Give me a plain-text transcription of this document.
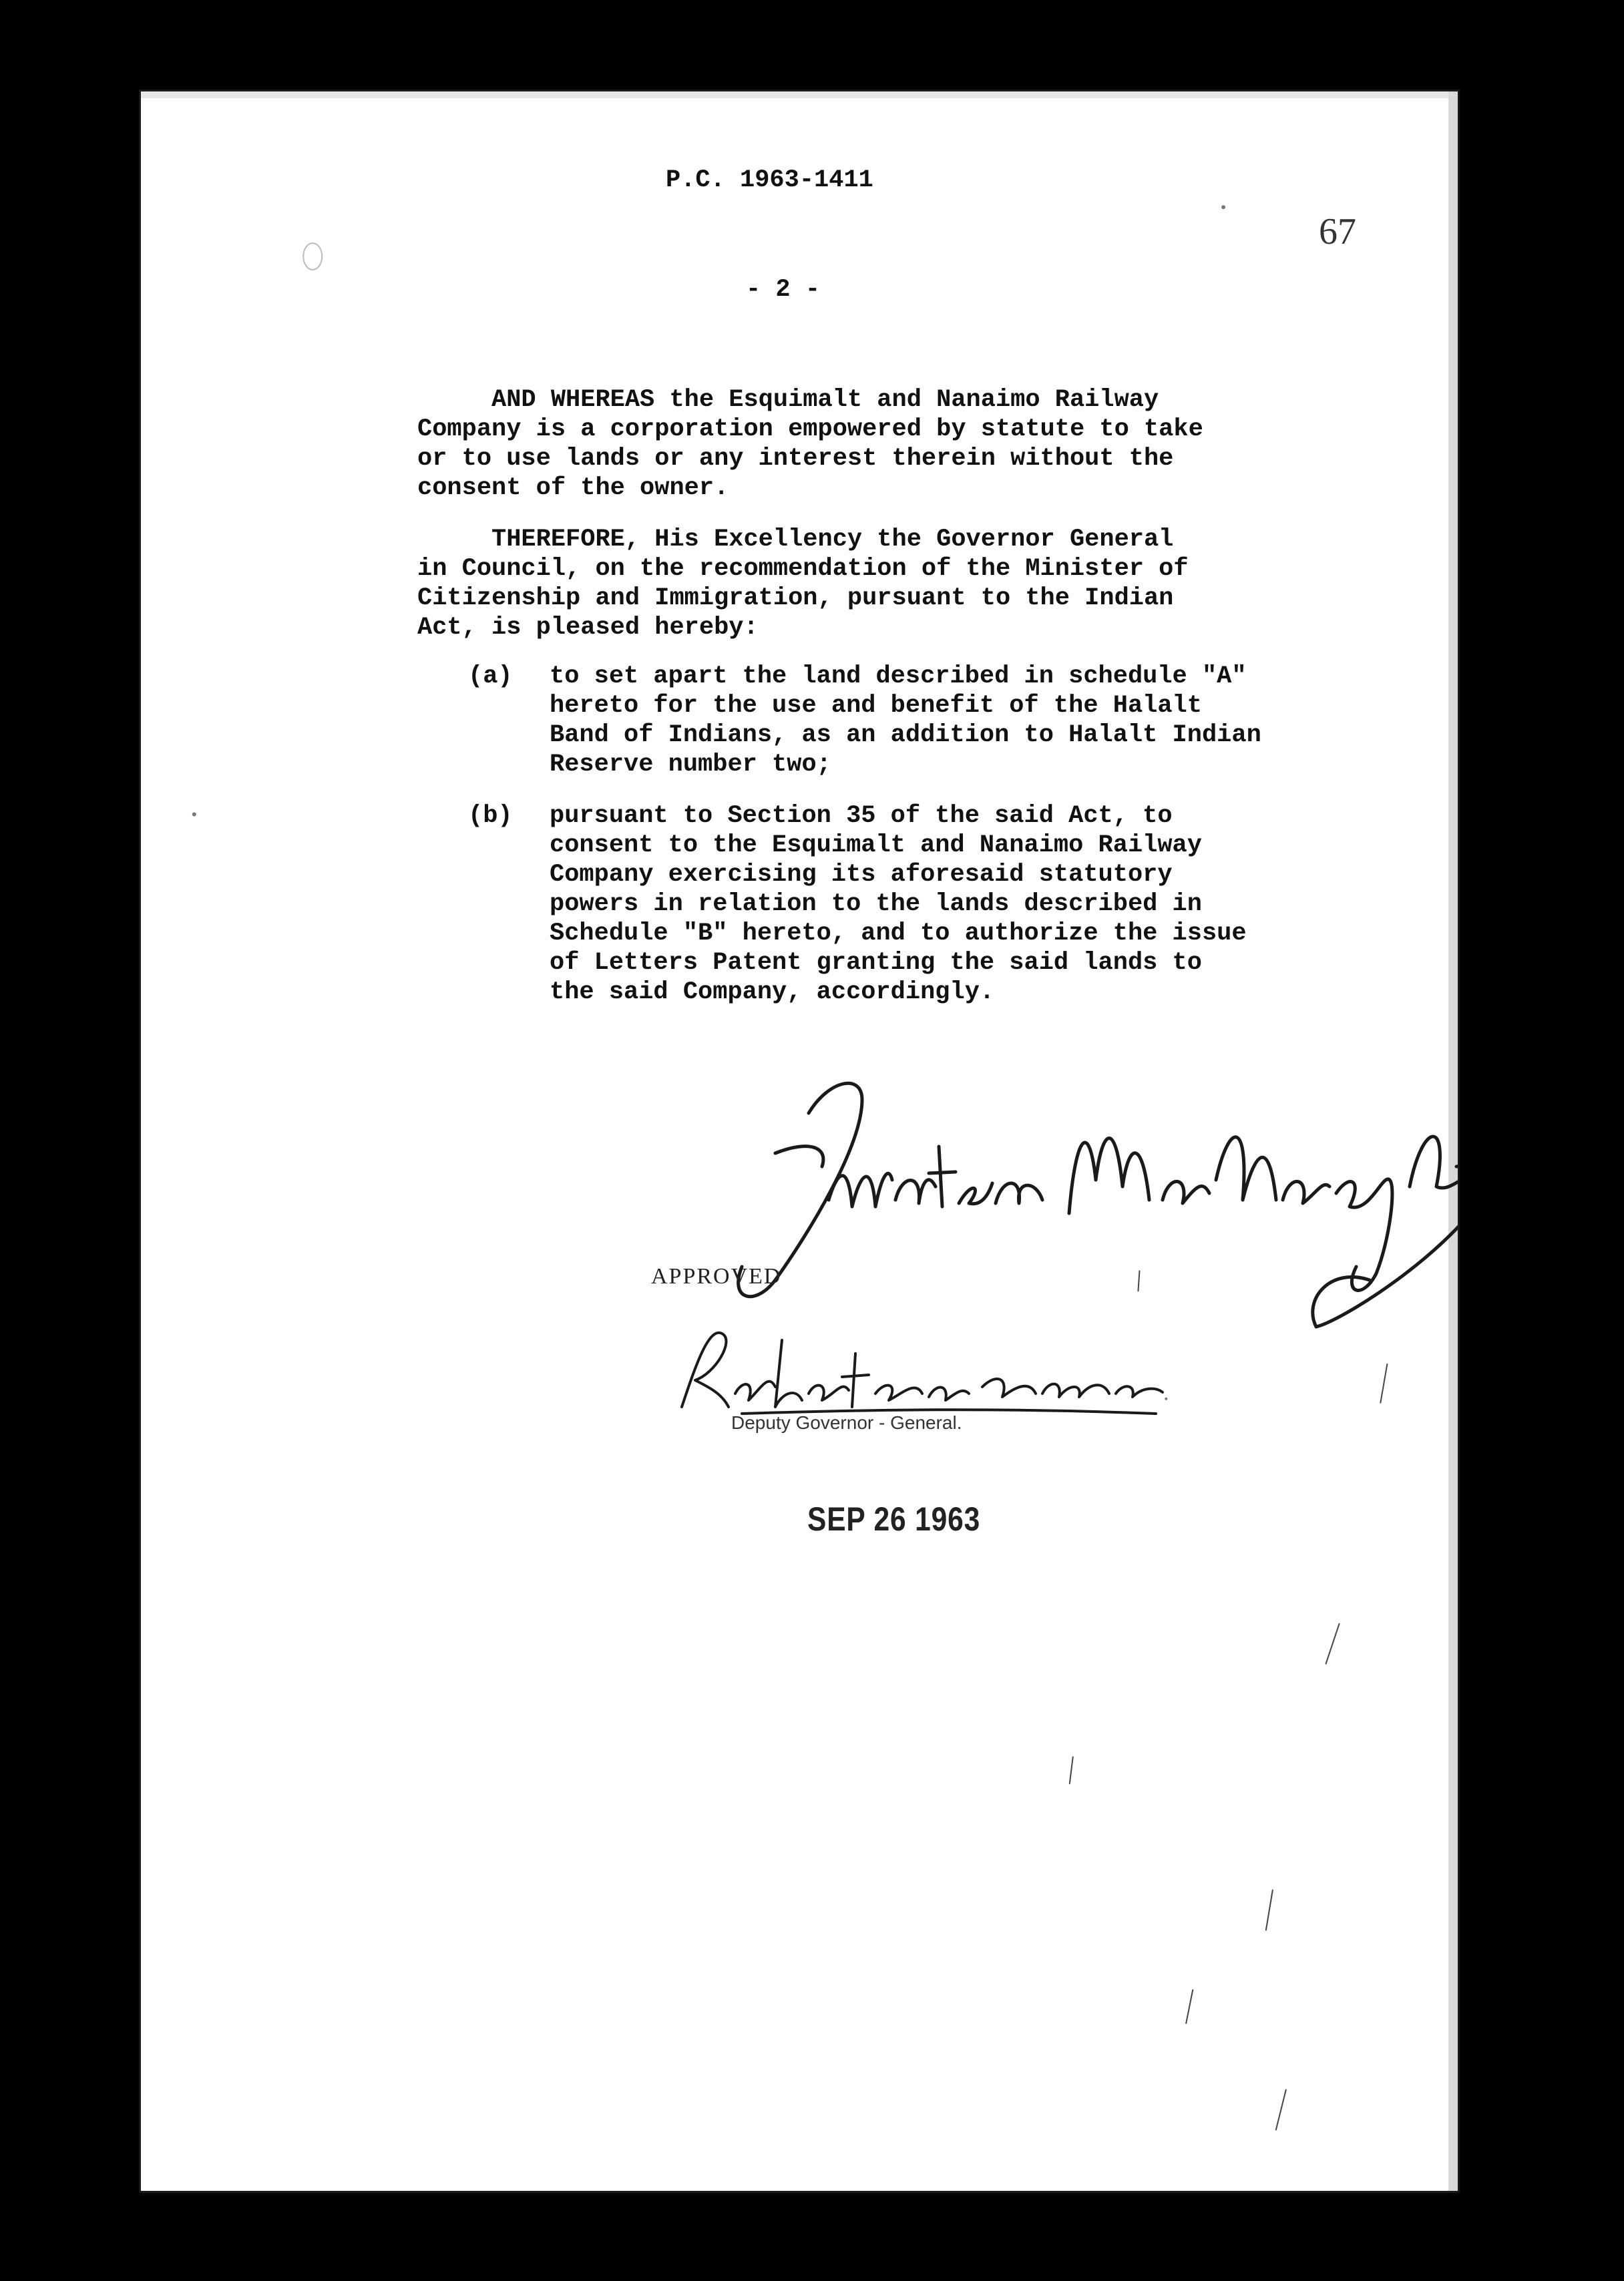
P.C. 1963-1411
67
- 2 -
AND WHEREAS the Esquimalt and Nanaimo Railway
Company is a corporation empowered by statute to take
or to use lands or any interest therein without the
consent of the owner.
THEREFORE, His Excellency the Governor General
in Council, on the recommendation of the Minister of
Citizenship and Immigration, pursuant to the Indian
Act, is pleased hereby:
(a) to set apart the land described in schedule "A"
hereto for the use and benefit of the Halalt
Band of Indians, as an addition to Halalt Indian
Reserve number two;
(b) pursuant to Section 35 of the said Act, to
consent to the Esquimalt and Nanaimo Railway
Company exercising its aforesaid statutory
powers in relation to the lands described in
Schedule "B" hereto, and to authorize the issue
of Letters Patent granting the said lands to
the said Company, accordingly.
APPROVED
Deputy Governor - General.
SEP 26 1963
